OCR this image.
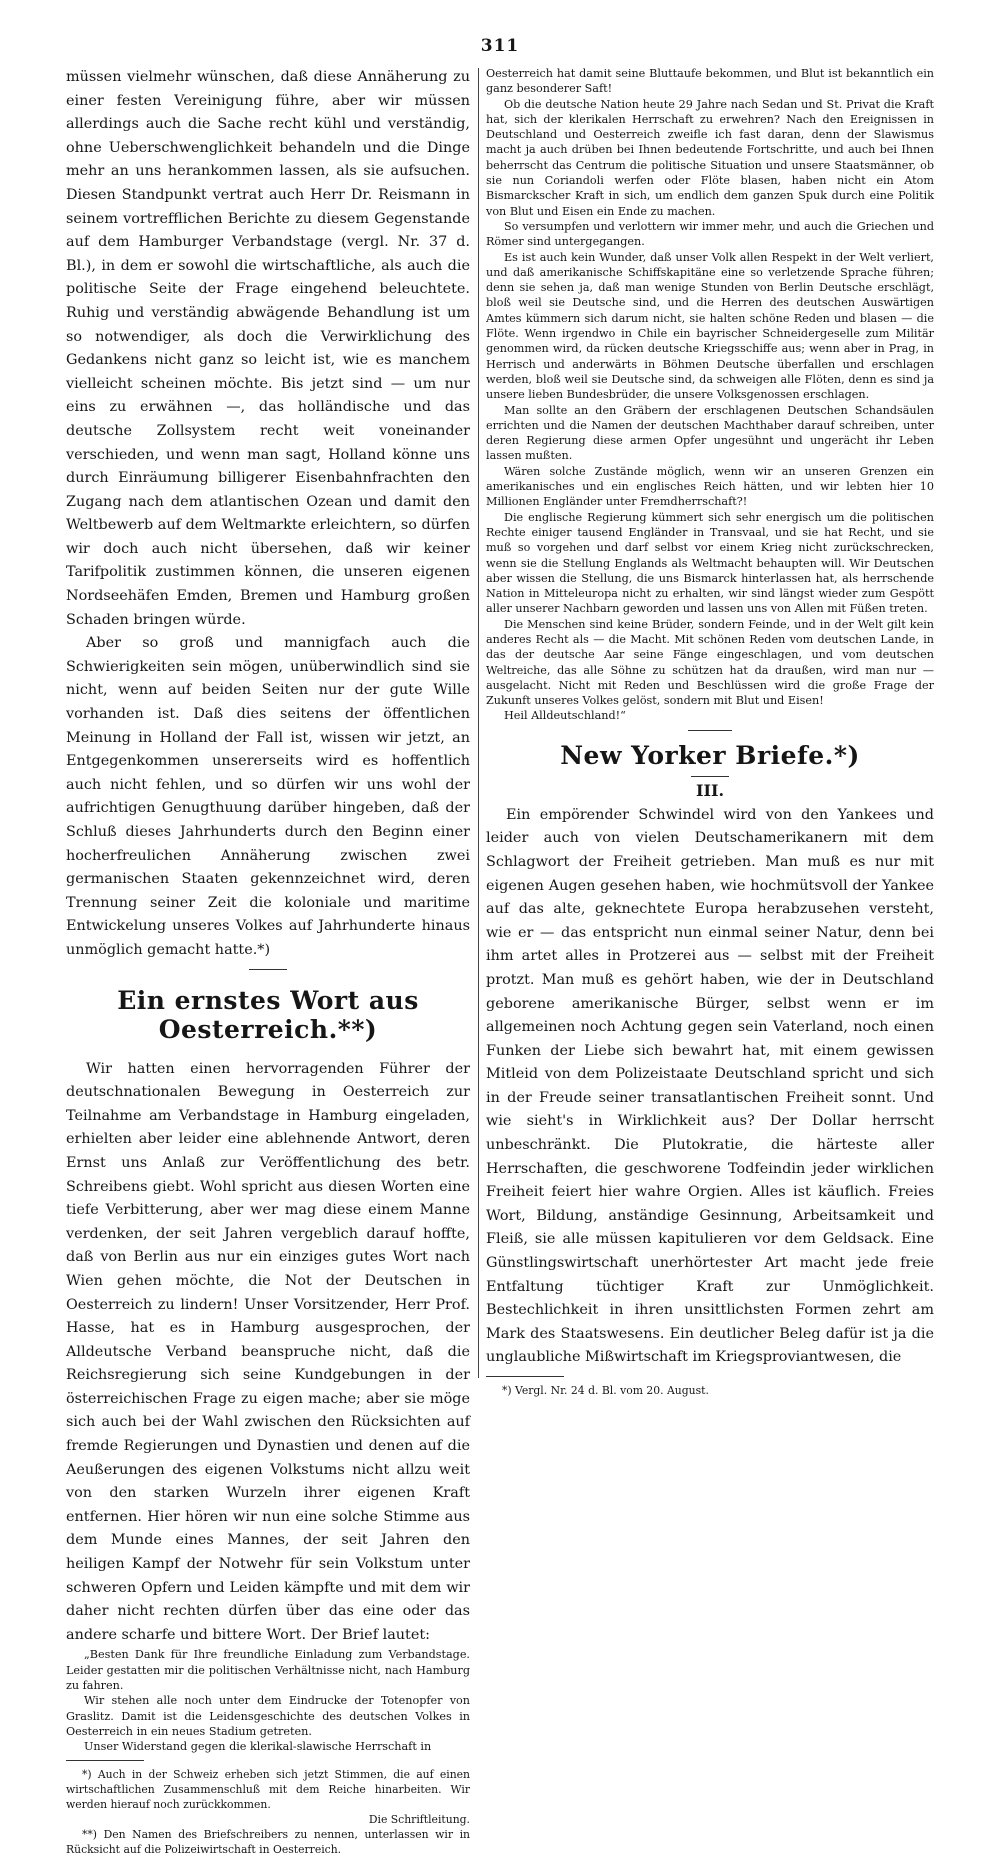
311

müssen vielmehr wünschen, daß diese Annäherung zu einer festen Vereinigung führe, aber wir müssen allerdings auch die Sache recht kühl und verständig, ohne Ueberschwenglichkeit behandeln und die Dinge mehr an uns herankommen lassen, als sie aufsuchen. Diesen Standpunkt vertrat auch Herr Dr. Reismann in seinem vortrefflichen Berichte zu diesem Gegenstande auf dem Hamburger Verbandstage (vergl. Nr. 37 d. Bl.), in dem er sowohl die wirtschaftliche, als auch die politische Seite der Frage eingehend beleuchtete. Ruhig und verständig abwägende Behandlung ist um so notwendiger, als doch die Verwirklichung des Gedankens nicht ganz so leicht ist, wie es manchem vielleicht scheinen möchte. Bis jetzt sind — um nur eins zu erwähnen —, das holländische und das deutsche Zollsystem recht weit voneinander verschieden, und wenn man sagt, Holland könne uns durch Einräumung billigerer Eisenbahnfrachten den Zugang nach dem atlantischen Ozean und damit den Weltbewerb auf dem Weltmarkte erleichtern, so dürfen wir doch auch nicht übersehen, daß wir keiner Tarifpolitik zustimmen können, die unseren eigenen Nordseehäfen Emden, Bremen und Hamburg großen Schaden bringen würde.

Aber so groß und mannigfach auch die Schwierigkeiten sein mögen, unüberwindlich sind sie nicht, wenn auf beiden Seiten nur der gute Wille vorhanden ist. Daß dies seitens der öffentlichen Meinung in Holland der Fall ist, wissen wir jetzt, an Entgegenkommen unsererseits wird es hoffentlich auch nicht fehlen, und so dürfen wir uns wohl der aufrichtigen Genugthuung darüber hingeben, daß der Schluß dieses Jahrhunderts durch den Beginn einer hocherfreulichen Annäherung zwischen zwei germanischen Staaten gekennzeichnet wird, deren Trennung seiner Zeit die koloniale und maritime Entwickelung unseres Volkes auf Jahrhunderte hinaus unmöglich gemacht hatte.*)

Ein ernstes Wort aus Oesterreich.**)

Wir hatten einen hervorragenden Führer der deutschnationalen Bewegung in Oesterreich zur Teilnahme am Verbandstage in Hamburg eingeladen, erhielten aber leider eine ablehnende Antwort, deren Ernst uns Anlaß zur Veröffentlichung des betr. Schreibens giebt. Wohl spricht aus diesen Worten eine tiefe Verbitterung, aber wer mag diese einem Manne verdenken, der seit Jahren vergeblich darauf hoffte, daß von Berlin aus nur ein einziges gutes Wort nach Wien gehen möchte, die Not der Deutschen in Oesterreich zu lindern! Unser Vorsitzender, Herr Prof. Hasse, hat es in Hamburg ausgesprochen, der Alldeutsche Verband beanspruche nicht, daß die Reichsregierung sich seine Kundgebungen in der österreichischen Frage zu eigen mache; aber sie möge sich auch bei der Wahl zwischen den Rücksichten auf fremde Regierungen und Dynastien und denen auf die Aeußerungen des eigenen Volkstums nicht allzu weit von den starken Wurzeln ihrer eigenen Kraft entfernen. Hier hören wir nun eine solche Stimme aus dem Munde eines Mannes, der seit Jahren den heiligen Kampf der Notwehr für sein Volkstum unter schweren Opfern und Leiden kämpfte und mit dem wir daher nicht rechten dürfen über das eine oder das andere scharfe und bittere Wort. Der Brief lautet:

„Besten Dank für Ihre freundliche Einladung zum Verbandstage. Leider gestatten mir die politischen Verhältnisse nicht, nach Hamburg zu fahren.

Wir stehen alle noch unter dem Eindrucke der Totenopfer von Graslitz. Damit ist die Leidensgeschichte des deutschen Volkes in Oesterreich in ein neues Stadium getreten.

Unser Widerstand gegen die klerikal-slawische Herrschaft in

*) Auch in der Schweiz erheben sich jetzt Stimmen, die auf einen wirtschaftlichen Zusammenschluß mit dem Reiche hinarbeiten. Wir werden hierauf noch zurückkommen.

Die Schriftleitung.

**) Den Namen des Briefschreibers zu nennen, unterlassen wir in Rücksicht auf die Polizeiwirtschaft in Oesterreich.

Oesterreich hat damit seine Bluttaufe bekommen, und Blut ist bekanntlich ein ganz besonderer Saft!

Ob die deutsche Nation heute 29 Jahre nach Sedan und St. Privat die Kraft hat, sich der klerikalen Herrschaft zu erwehren? Nach den Ereignissen in Deutschland und Oesterreich zweifle ich fast daran, denn der Slawismus macht ja auch drüben bei Ihnen bedeutende Fortschritte, und auch bei Ihnen beherrscht das Centrum die politische Situation und unsere Staatsmänner, ob sie nun Coriandoli werfen oder Flöte blasen, haben nicht ein Atom Bismarckscher Kraft in sich, um endlich dem ganzen Spuk durch eine Politik von Blut und Eisen ein Ende zu machen.

So versumpfen und verlottern wir immer mehr, und auch die Griechen und Römer sind untergegangen.

Es ist auch kein Wunder, daß unser Volk allen Respekt in der Welt verliert, und daß amerikanische Schiffskapitäne eine so verletzende Sprache führen; denn sie sehen ja, daß man wenige Stunden von Berlin Deutsche erschlägt, bloß weil sie Deutsche sind, und die Herren des deutschen Auswärtigen Amtes kümmern sich darum nicht, sie halten schöne Reden und blasen — die Flöte. Wenn irgendwo in Chile ein bayrischer Schneidergeselle zum Militär genommen wird, da rücken deutsche Kriegsschiffe aus; wenn aber in Prag, in Herrisch und anderwärts in Böhmen Deutsche überfallen und erschlagen werden, bloß weil sie Deutsche sind, da schweigen alle Flöten, denn es sind ja unsere lieben Bundesbrüder, die unsere Volksgenossen erschlagen.

Man sollte an den Gräbern der erschlagenen Deutschen Schandsäulen errichten und die Namen der deutschen Machthaber darauf schreiben, unter deren Regierung diese armen Opfer ungesühnt und ungerächt ihr Leben lassen mußten.

Wären solche Zustände möglich, wenn wir an unseren Grenzen ein amerikanisches und ein englisches Reich hätten, und wir lebten hier 10 Millionen Engländer unter Fremdherrschaft?!

Die englische Regierung kümmert sich sehr energisch um die politischen Rechte einiger tausend Engländer in Transvaal, und sie hat Recht, und sie muß so vorgehen und darf selbst vor einem Krieg nicht zurückschrecken, wenn sie die Stellung Englands als Weltmacht behaupten will. Wir Deutschen aber wissen die Stellung, die uns Bismarck hinterlassen hat, als herrschende Nation in Mitteleuropa nicht zu erhalten, wir sind längst wieder zum Gespött aller unserer Nachbarn geworden und lassen uns von Allen mit Füßen treten.

Die Menschen sind keine Brüder, sondern Feinde, und in der Welt gilt kein anderes Recht als — die Macht. Mit schönen Reden vom deutschen Lande, in das der deutsche Aar seine Fänge eingeschlagen, und vom deutschen Weltreiche, das alle Söhne zu schützen hat da draußen, wird man nur — ausgelacht. Nicht mit Reden und Beschlüssen wird die große Frage der Zukunft unseres Volkes gelöst, sondern mit Blut und Eisen!

Heil Alldeutschland!“

New Yorker Briefe.*)
III.

Ein empörender Schwindel wird von den Yankees und leider auch von vielen Deutschamerikanern mit dem Schlagwort der Freiheit getrieben. Man muß es nur mit eigenen Augen gesehen haben, wie hochmütsvoll der Yankee auf das alte, geknechtete Europa herabzusehen versteht, wie er — das entspricht nun einmal seiner Natur, denn bei ihm artet alles in Protzerei aus — selbst mit der Freiheit protzt. Man muß es gehört haben, wie der in Deutschland geborene amerikanische Bürger, selbst wenn er im allgemeinen noch Achtung gegen sein Vaterland, noch einen Funken der Liebe sich bewahrt hat, mit einem gewissen Mitleid von dem Polizeistaate Deutschland spricht und sich in der Freude seiner transatlantischen Freiheit sonnt. Und wie sieht's in Wirklichkeit aus? Der Dollar herrscht unbeschränkt. Die Plutokratie, die härteste aller Herrschaften, die geschworene Todfeindin jeder wirklichen Freiheit feiert hier wahre Orgien. Alles ist käuflich. Freies Wort, Bildung, anständige Gesinnung, Arbeitsamkeit und Fleiß, sie alle müssen kapitulieren vor dem Geldsack. Eine Günstlingswirtschaft unerhörtester Art macht jede freie Entfaltung tüchtiger Kraft zur Unmöglichkeit. Bestechlichkeit in ihren unsittlichsten Formen zehrt am Mark des Staatswesens. Ein deutlicher Beleg dafür ist ja die unglaubliche Mißwirtschaft im Kriegsproviantwesen, die

*) Vergl. Nr. 24 d. Bl. vom 20. August.
